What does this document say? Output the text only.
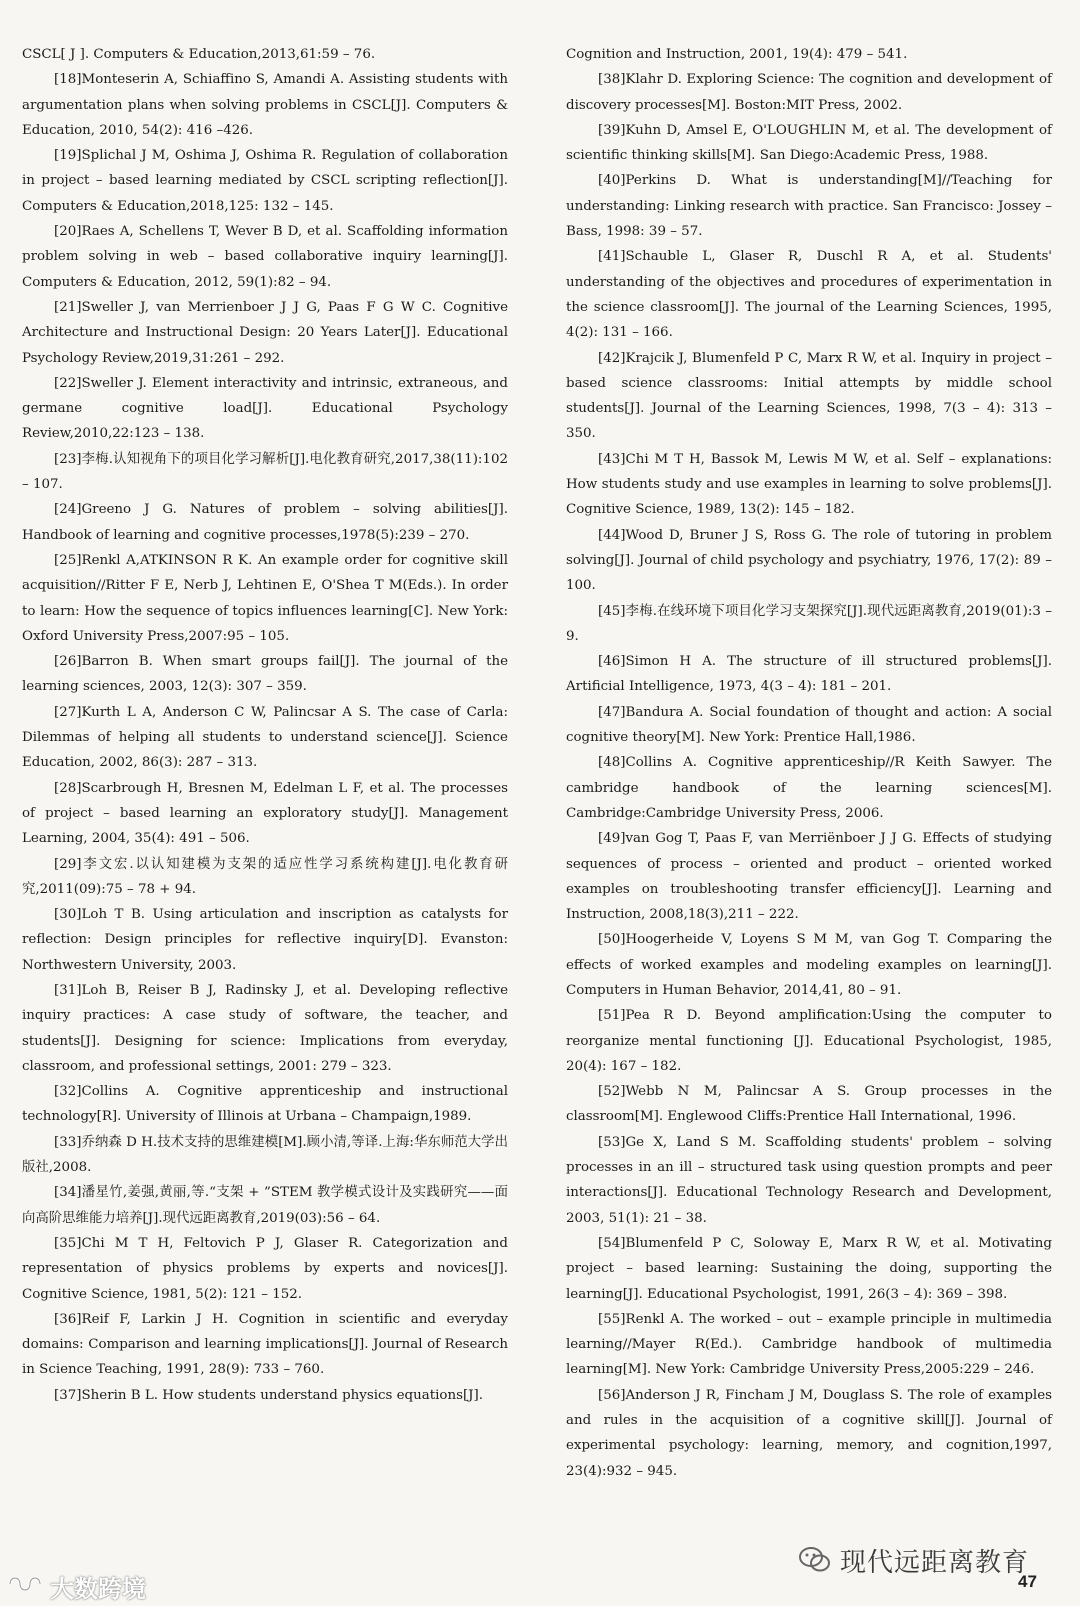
CSCL[ J ]. Computers & Education,2013,61:59 – 76.

[18]Monteserin A, Schiaffino S, Amandi A. Assisting students with argumentation plans when solving problems in CSCL[J]. Computers & Education, 2010, 54(2): 416 –426.

[19]Splichal J M, Oshima J, Oshima R. Regulation of collaboration in project – based learning mediated by CSCL scripting reflection[J]. Computers & Education,2018,125: 132 – 145.

[20]Raes A, Schellens T, Wever B D, et al. Scaffolding information problem solving in web – based collaborative inquiry learning[J]. Computers & Education, 2012, 59(1):82 – 94.

[21]Sweller J, van Merrienboer J J G, Paas F G W C. Cognitive Architecture and Instructional Design: 20 Years Later[J]. Educational Psychology Review,2019,31:261 – 292.

[22]Sweller J. Element interactivity and intrinsic, extraneous, and germane cognitive load[J]. Educational Psychology Review,2010,22:123 – 138.

[23]李梅.认知视角下的项目化学习解析[J].电化教育研究,2017,38(11):102 – 107.

[24]Greeno J G. Natures of problem – solving abilities[J]. Handbook of learning and cognitive processes,1978(5):239 – 270.

[25]Renkl A,ATKINSON R K. An example order for cognitive skill acquisition//Ritter F E, Nerb J, Lehtinen E, O'Shea T M(Eds.). In order to learn: How the sequence of topics influences learning[C]. New York: Oxford University Press,2007:95 – 105.

[26]Barron B. When smart groups fail[J]. The journal of the learning sciences, 2003, 12(3): 307 – 359.

[27]Kurth L A, Anderson C W, Palincsar A S. The case of Carla: Dilemmas of helping all students to understand science[J]. Science Education, 2002, 86(3): 287 – 313.

[28]Scarbrough H, Bresnen M, Edelman L F, et al. The processes of project – based learning an exploratory study[J]. Management Learning, 2004, 35(4): 491 – 506.

[29]李文宏.以认知建模为支架的适应性学习系统构建[J].电化教育研究,2011(09):75 – 78 + 94.

[30]Loh T B. Using articulation and inscription as catalysts for reflection: Design principles for reflective inquiry[D]. Evanston: Northwestern University, 2003.

[31]Loh B, Reiser B J, Radinsky J, et al. Developing reflective inquiry practices: A case study of software, the teacher, and students[J]. Designing for science: Implications from everyday, classroom, and professional settings, 2001: 279 – 323.

[32]Collins A. Cognitive apprenticeship and instructional technology[R]. University of Illinois at Urbana – Champaign,1989.

[33]乔纳森 D H.技术支持的思维建模[M].顾小清,等译.上海:华东师范大学出版社,2008.

[34]潘星竹,姜强,黄丽,等.“支架 + ”STEM 教学模式设计及实践研究——面向高阶思维能力培养[J].现代远距离教育,2019(03):56 – 64.

[35]Chi M T H, Feltovich P J, Glaser R. Categorization and representation of physics problems by experts and novices[J]. Cognitive Science, 1981, 5(2): 121 – 152.

[36]Reif F, Larkin J H. Cognition in scientific and everyday domains: Comparison and learning implications[J]. Journal of Research in Science Teaching, 1991, 28(9): 733 – 760.

[37]Sherin B L. How students understand physics equations[J].

Cognition and Instruction, 2001, 19(4): 479 – 541.

[38]Klahr D. Exploring Science: The cognition and development of discovery processes[M]. Boston:MIT Press, 2002.

[39]Kuhn D, Amsel E, O'LOUGHLIN M, et al. The development of scientific thinking skills[M]. San Diego:Academic Press, 1988.

[40]Perkins D. What is understanding[M]//Teaching for understanding: Linking research with practice. San Francisco: Jossey – Bass, 1998: 39 – 57.

[41]Schauble L, Glaser R, Duschl R A, et al. Students' understanding of the objectives and procedures of experimentation in the science classroom[J]. The journal of the Learning Sciences, 1995, 4(2): 131 – 166.

[42]Krajcik J, Blumenfeld P C, Marx R W, et al. Inquiry in project – based science classrooms: Initial attempts by middle school students[J]. Journal of the Learning Sciences, 1998, 7(3 – 4): 313 – 350.

[43]Chi M T H, Bassok M, Lewis M W, et al. Self – explanations: How students study and use examples in learning to solve problems[J]. Cognitive Science, 1989, 13(2): 145 – 182.

[44]Wood D, Bruner J S, Ross G. The role of tutoring in problem solving[J]. Journal of child psychology and psychiatry, 1976, 17(2): 89 – 100.

[45]李梅.在线环境下项目化学习支架探究[J].现代远距离教育,2019(01):3 – 9.

[46]Simon H A. The structure of ill structured problems[J]. Artificial Intelligence, 1973, 4(3 – 4): 181 – 201.

[47]Bandura A. Social foundation of thought and action: A social cognitive theory[M]. New York: Prentice Hall,1986.

[48]Collins A. Cognitive apprenticeship//R Keith Sawyer. The cambridge handbook of the learning sciences[M]. Cambridge:Cambridge University Press, 2006.

[49]van Gog T, Paas F, van Merriënboer J J G. Effects of studying sequences of process – oriented and product – oriented worked examples on troubleshooting transfer efficiency[J]. Learning and Instruction, 2008,18(3),211 – 222.

[50]Hoogerheide V, Loyens S M M, van Gog T. Comparing the effects of worked examples and modeling examples on learning[J]. Computers in Human Behavior, 2014,41, 80 – 91.

[51]Pea R D. Beyond amplification:Using the computer to reorganize mental functioning [J]. Educational Psychologist, 1985, 20(4): 167 – 182.

[52]Webb N M, Palincsar A S. Group processes in the classroom[M]. Englewood Cliffs:Prentice Hall International, 1996.

[53]Ge X, Land S M. Scaffolding students' problem – solving processes in an ill – structured task using question prompts and peer interactions[J]. Educational Technology Research and Development, 2003, 51(1): 21 – 38.

[54]Blumenfeld P C, Soloway E, Marx R W, et al. Motivating project – based learning: Sustaining the doing, supporting the learning[J]. Educational Psychologist, 1991, 26(3 – 4): 369 – 398.

[55]Renkl A. The worked – out – example principle in multimedia learning//Mayer R(Ed.). Cambridge handbook of multimedia learning[M]. New York: Cambridge University Press,2005:229 – 246.

[56]Anderson J R, Fincham J M, Douglass S. The role of examples and rules in the acquisition of a cognitive skill[J]. Journal of experimental psychology: learning, memory, and cognition,1997, 23(4):932 – 945.

现代远距离教育
47
大数跨境
